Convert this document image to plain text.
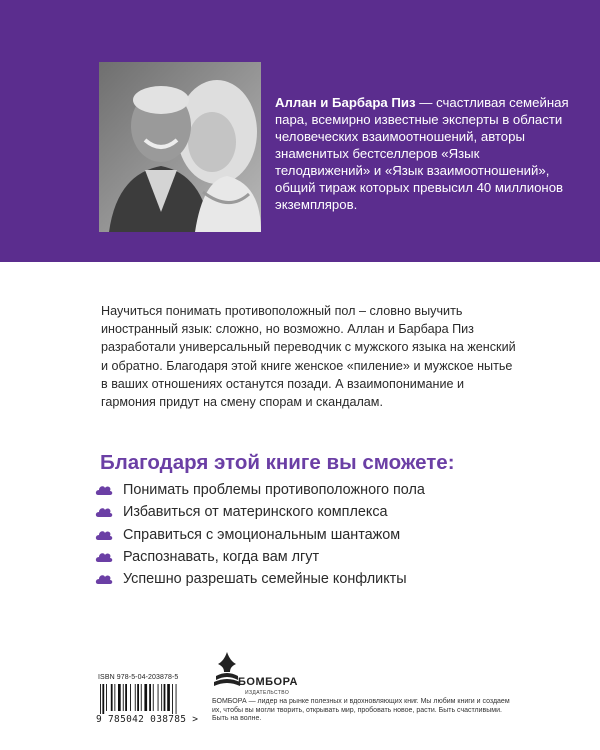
Аллан и Барбара Пиз — счастливая семейная пара, всемирно известные эксперты в области человеческих взаимоотношений, авторы знаменитых бестселлеров «Язык телодвижений» и «Язык взаимоотношений», общий тираж которых превысил 40 миллионов экземпляров.
Научиться понимать противоположный пол – словно выучить иностранный язык: сложно, но возможно. Аллан и Барбара Пиз разработали универсальный переводчик с мужского языка на женский и обратно. Благодаря этой книге женское «пиление» и мужское нытье в ваших отношениях останутся позади. А взаимопонимание и гармония придут на смену спорам и скандалам.
Благодаря этой книге вы сможете:
Понимать проблемы противоположного пола
Избавиться от материнского комплекса
Справиться с эмоциональным шантажом
Распознавать, когда вам лгут
Успешно разрешать семейные конфликты
ISBN 978-5-04-203878-5
9 785042 038785 >
БОМБОРА
ИЗДАТЕЛЬСТВО
БОМБОРА — лидер на рынке полезных и вдохновляющих книг. Мы любим книги и создаем их, чтобы вы могли творить, открывать мир, пробовать новое, расти. Быть счастливыми. Быть на волне.
